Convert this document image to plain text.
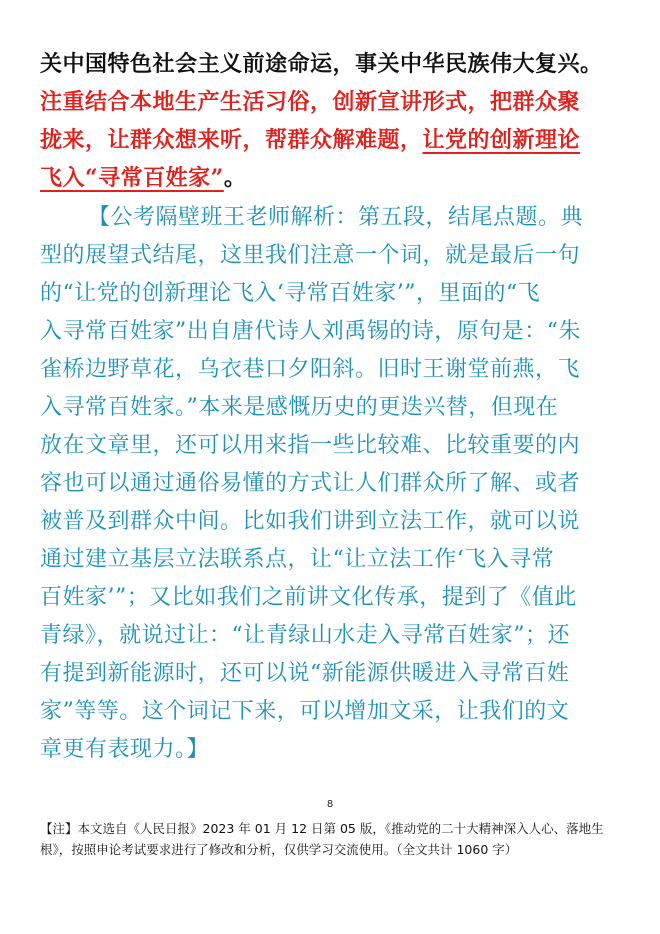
关中国特色社会主义前途命运，事关中华民族伟大复兴。
注重结合本地生产生活习俗，创新宣讲形式，把群众聚
拢来，让群众想来听，帮群众解难题，让党的创新理论
飞入“寻常百姓家”。
【公考隔壁班王老师解析：第五段，结尾点题。典
型的展望式结尾，这里我们注意一个词，就是最后一句
的“让党的创新理论飞入‘寻常百姓家’”，里面的“飞
入寻常百姓家”出自唐代诗人刘禹锡的诗，原句是：“朱
雀桥边野草花，乌衣巷口夕阳斜。旧时王谢堂前燕，飞
入寻常百姓家。”本来是感慨历史的更迭兴替，但现在
放在文章里，还可以用来指一些比较难、比较重要的内
容也可以通过通俗易懂的方式让人们群众所了解、或者
被普及到群众中间。比如我们讲到立法工作，就可以说
通过建立基层立法联系点，让“让立法工作‘飞入寻常
百姓家’”；又比如我们之前讲文化传承，提到了《值此
青绿》，就说过让：“让青绿山水走入寻常百姓家”；还
有提到新能源时，还可以说“新能源供暖进入寻常百姓
家”等等。这个词记下来，可以增加文采，让我们的文
章更有表现力。】
8
【注】本文选自《人民日报》2023 年 01 月 12 日第 05 版，《推动党的二十大精神深入人心、落地生根》，按照申论考试要求进行了修改和分析，仅供学习交流使用。（全文共计 1060 字）
